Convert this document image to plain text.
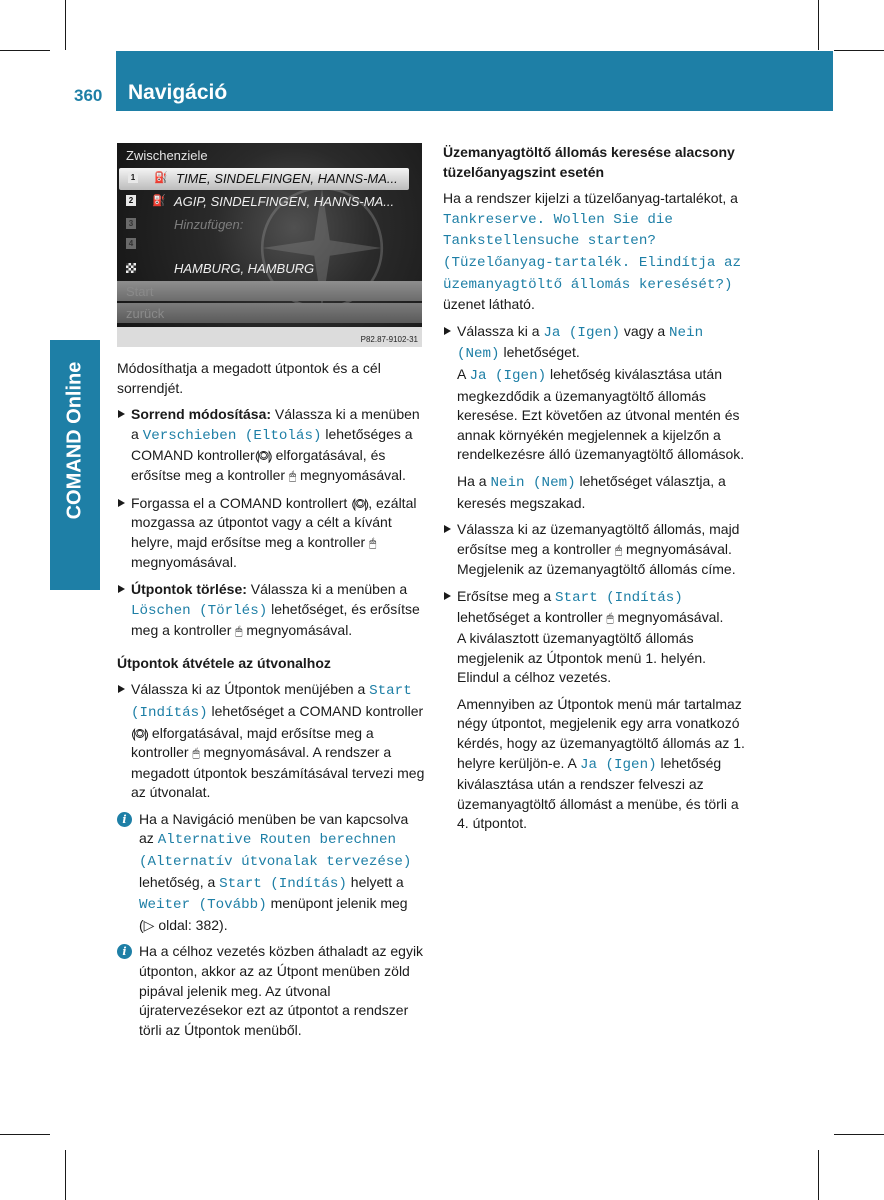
360 Navigáció
COMAND Online
Zwischenziele
1 ⛽ TIME, SINDELFINGEN, HANNS-MA...
2 ⛽ AGIP, SINDELFINGEN, HANNS-MA...
3	Hinzufügen:
4
HAMBURG, HAMBURG
Start
zurück
P82.87-9102-31

Módosíthatja a megadott útpontok és a cél sorrendjét.

Sorrend módosítása: Válassza ki a menüben a Verschieben (Eltolás) lehetőséges a COMAND kontroller⟬◎⟭ elforgatásával, és erősítse meg a kontroller 🖱 megnyomásával.

Forgassa el a COMAND kontrollert ⟬◎⟭, ezáltal mozgassa az útpontot vagy a célt a kívánt helyre, majd erősítse meg a kontroller 🖱 megnyomásával.

Útpontok törlése: Válassza ki a menüben a Löschen (Törlés) lehetőséget, és erősítse meg a kontroller 🖱 megnyomásával.

Útpontok átvétele az útvonalhoz

Válassza ki az Útpontok menüjében a Start (Indítás) lehetőséget a COMAND kontroller ⟬◎⟭ elforgatásával, majd erősítse meg a kontroller 🖱 megnyomásával. A rendszer a megadott útpontok beszámításával tervezi meg az útvonalat.

i Ha a Navigáció menüben be van kapcsolva az Alternative Routen berechnen (Alternatív útvonalak tervezése) lehetőség, a Start (Indítás) helyett a Weiter (Tovább) menüpont jelenik meg (▷ oldal: 382).

i Ha a célhoz vezetés közben áthaladt az egyik útponton, akkor az az Útpont menüben zöld pipával jelenik meg. Az útvonal újratervezésekor ezt az útpontot a rendszer törli az Útpontok menüből.

Üzemanyagtöltő állomás keresése alacsony tüzelőanyagszint esetén

Ha a rendszer kijelzi a tüzelőanyag-tartalékot, a Tankreserve. Wollen Sie die Tankstellensuche starten? (Tüzelőanyag-tartalék. Elindítja az üzemanyagtöltő állomás keresését?) üzenet látható.

Válassza ki a Ja (Igen) vagy a Nein (Nem) lehetőséget.

A Ja (Igen) lehetőség kiválasztása után megkezdődik a üzemanyagtöltő állomás keresése. Ezt követően az útvonal mentén és annak környékén megjelennek a kijelzőn a rendelkezésre álló üzemanyagtöltő állomások.

Ha a Nein (Nem) lehetőséget választja, a keresés megszakad.

Válassza ki az üzemanyagtöltő állomás, majd erősítse meg a kontroller 🖱 megnyomásával.

Megjelenik az üzemanyagtöltő állomás címe.

Erősítse meg a Start (Indítás) lehetőséget a kontroller 🖱 megnyomásával.

A kiválasztott üzemanyagtöltő állomás megjelenik az Útpontok menü 1. helyén. Elindul a célhoz vezetés.

Amennyiben az Útpontok menü már tartalmaz négy útpontot, megjelenik egy arra vonatkozó kérdés, hogy az üzemanyagtöltő állomás az 1. helyre kerüljön-e. A Ja (Igen) lehetőség kiválasztása után a rendszer felveszi az üzemanyagtöltő állomást a menübe, és törli a 4. útpontot.
